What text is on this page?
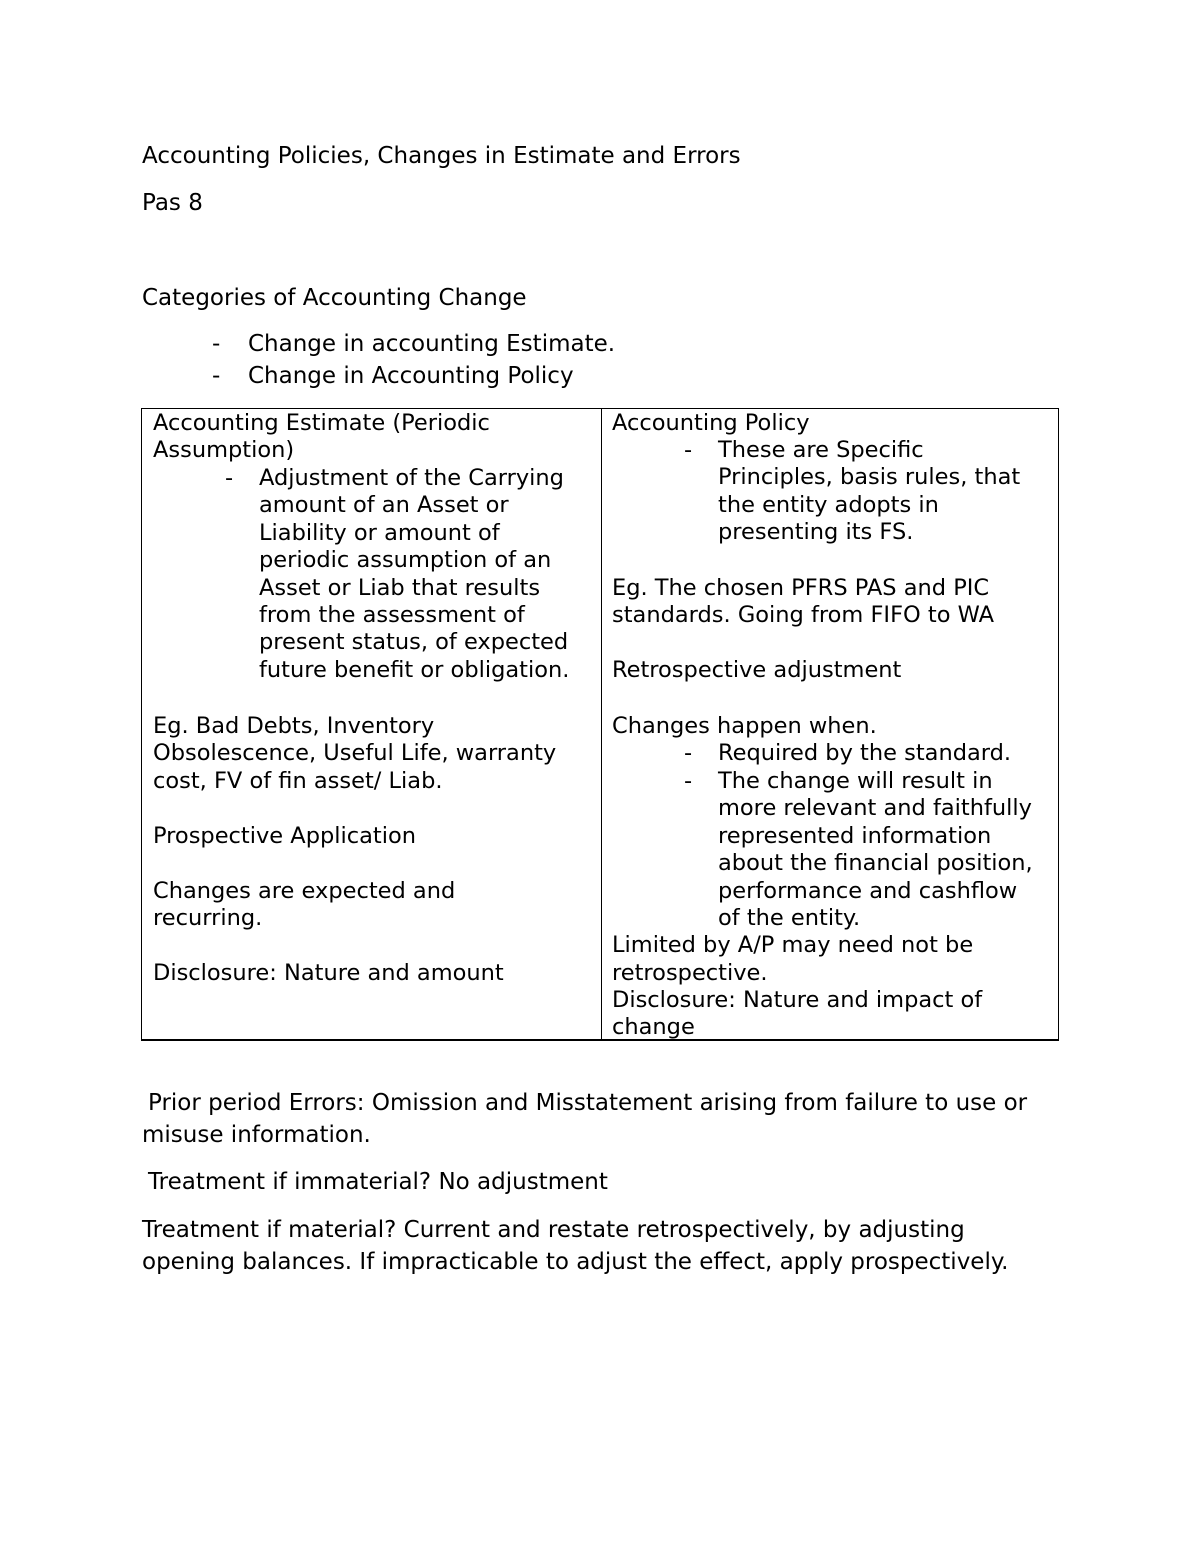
Accounting Policies, Changes in Estimate and Errors
Pas 8
Categories of Accounting Change
- Change in accounting Estimate.
- Change in Accounting Policy
Accounting Estimate (Periodic
Assumption)
- Adjustment of the Carrying
amount of an Asset or
Liability or amount of
periodic assumption of an
Asset or Liab that results
from the assessment of
present status, of expected
future benefit or obligation.
Eg. Bad Debts, Inventory
Obsolescence, Useful Life, warranty
cost, FV of fin asset/ Liab.
Prospective Application
Changes are expected and
recurring.
Disclosure: Nature and amount
Accounting Policy
- These are Specific
Principles, basis rules, that
the entity adopts in
presenting its FS.
Eg. The chosen PFRS PAS and PIC
standards. Going from FIFO to WA
Retrospective adjustment
Changes happen when.
- Required by the standard.
- The change will result in
more relevant and faithfully
represented information
about the financial position,
performance and cashflow
of the entity.
Limited by A/P may need not be
retrospective.
Disclosure: Nature and impact of
change
Prior period Errors: Omission and Misstatement arising from failure to use or
misuse information.
Treatment if immaterial? No adjustment
Treatment if material? Current and restate retrospectively, by adjusting
opening balances. If impracticable to adjust the effect, apply prospectively.
